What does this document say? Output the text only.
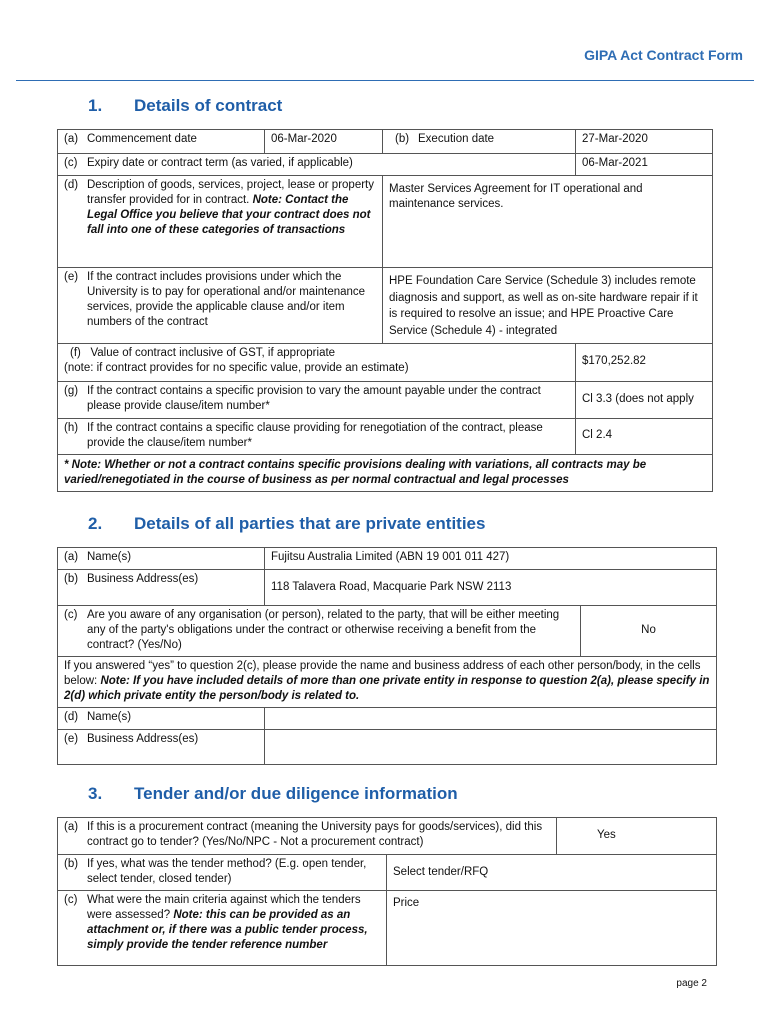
GIPA Act Contract Form
1. Details of contract
(a) Commencement date	06-Mar-2020	(b) Execution date	27-Mar-2020

(c) Expiry date or contract term (as varied, if applicable)			06-Mar-2021

(d) Description of goods, services, project, lease or property transfer provided for in contract. Note: Contact the Legal Office you believe that your contract does not fall into one of these categories of transactions		Master Services Agreement for IT operational and maintenance services.	

(e) If the contract includes provisions under which the University is to pay for operational and/or maintenance services, provide the applicable clause and/or item numbers of the contract		HPE Foundation Care Service (Schedule 3) includes remote diagnosis and support, as well as on-site hardware repair if it is required to resolve an issue; and HPE Proactive Care Service (Schedule 4) - integrated	

(f) Value of contract inclusive of GST, if appropriate
(note: if contract provides for no specific value, provide an estimate)			$170,252.82

(g) If the contract contains a specific provision to vary the amount payable under the contract please provide clause/item number*			Cl 3.3 (does not apply

(h) If the contract contains a specific clause providing for renegotiation of the contract, please provide the clause/item number*			Cl 2.4
* Note: Whether or not a contract contains specific provisions dealing with variations, all contracts may be varied/renegotiated in the course of business as per normal contractual and legal processes			
2. Details of all parties that are private entities
(a) Name(s)	Fujitsu Australia Limited (ABN 19 001 011 427)	

(b) Business Address(es)	118 Talavera Road, Macquarie Park NSW 2113	

(c) Are you aware of any organisation (or person), related to the party, that will be either meeting any of the party's obligations under the contract or otherwise receiving a benefit from the contract? (Yes/No)		No
If you answered “yes” to question 2(c), please provide the name and business address of each other person/body, in the cells below: Note: If you have included details of more than one private entity in response to question 2(a), please specify in 2(d) which private entity the person/body is related to.		

(d) Name(s)		

(e) Business Address(es)		

3. Tender and/or due diligence information
(a) If this is a procurement contract (meaning the University pays for goods/services), did this contract go to tender? (Yes/No/NPC - Not a procurement contract)		Yes

(b) If yes, what was the tender method? (E.g. open tender, select tender, closed tender)	Select tender/RFQ	

(c) What were the main criteria against which the tenders were assessed? Note: this can be provided as an attachment or, if there was a public tender process, simply provide the tender reference number	Price	
page 2
